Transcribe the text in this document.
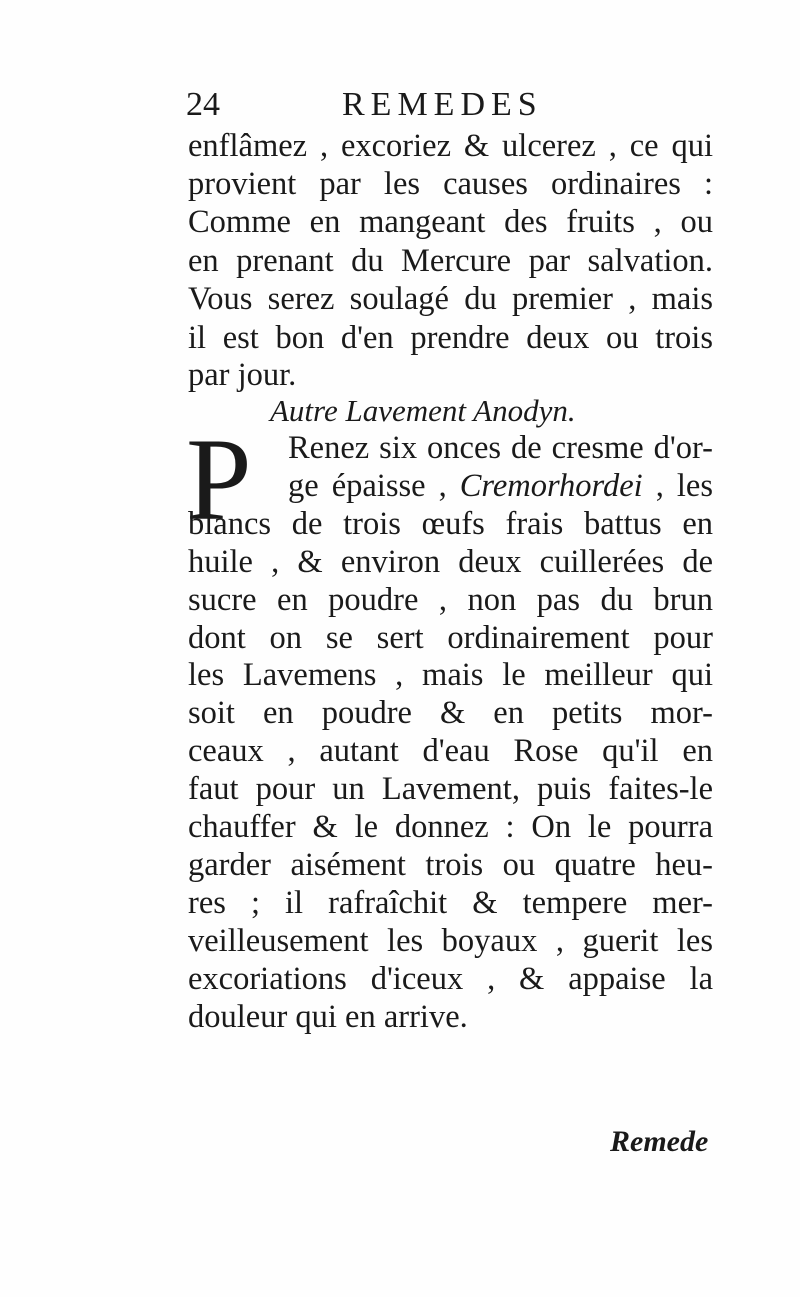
24	REMEDES
enflâmez , excoriez & ulcerez , ce qui
provient par les causes ordinaires :
Comme en mangeant des fruits , ou
en prenant du Mercure par salvation.
Vous serez soulagé du premier , mais
il est bon d'en prendre deux ou trois
par jour.
Autre Lavement Anodyn.
P Renez six onces de cresme d'or-
ge épaisse , Cremorhordei , les
blancs de trois œufs frais battus en
huile , & environ deux cuillerées de
sucre en poudre , non pas du brun
dont on se sert ordinairement pour
les Lavemens , mais le meilleur qui
soit en poudre & en petits mor-
ceaux , autant d'eau Rose qu'il en
faut pour un Lavement, puis faites-le
chauffer & le donnez : On le pourra
garder aisément trois ou quatre heu-
res ; il rafraîchit & tempere mer-
veilleusement les boyaux , guerit les
excoriations d'iceux , & appaise la
douleur qui en arrive.
Remede
